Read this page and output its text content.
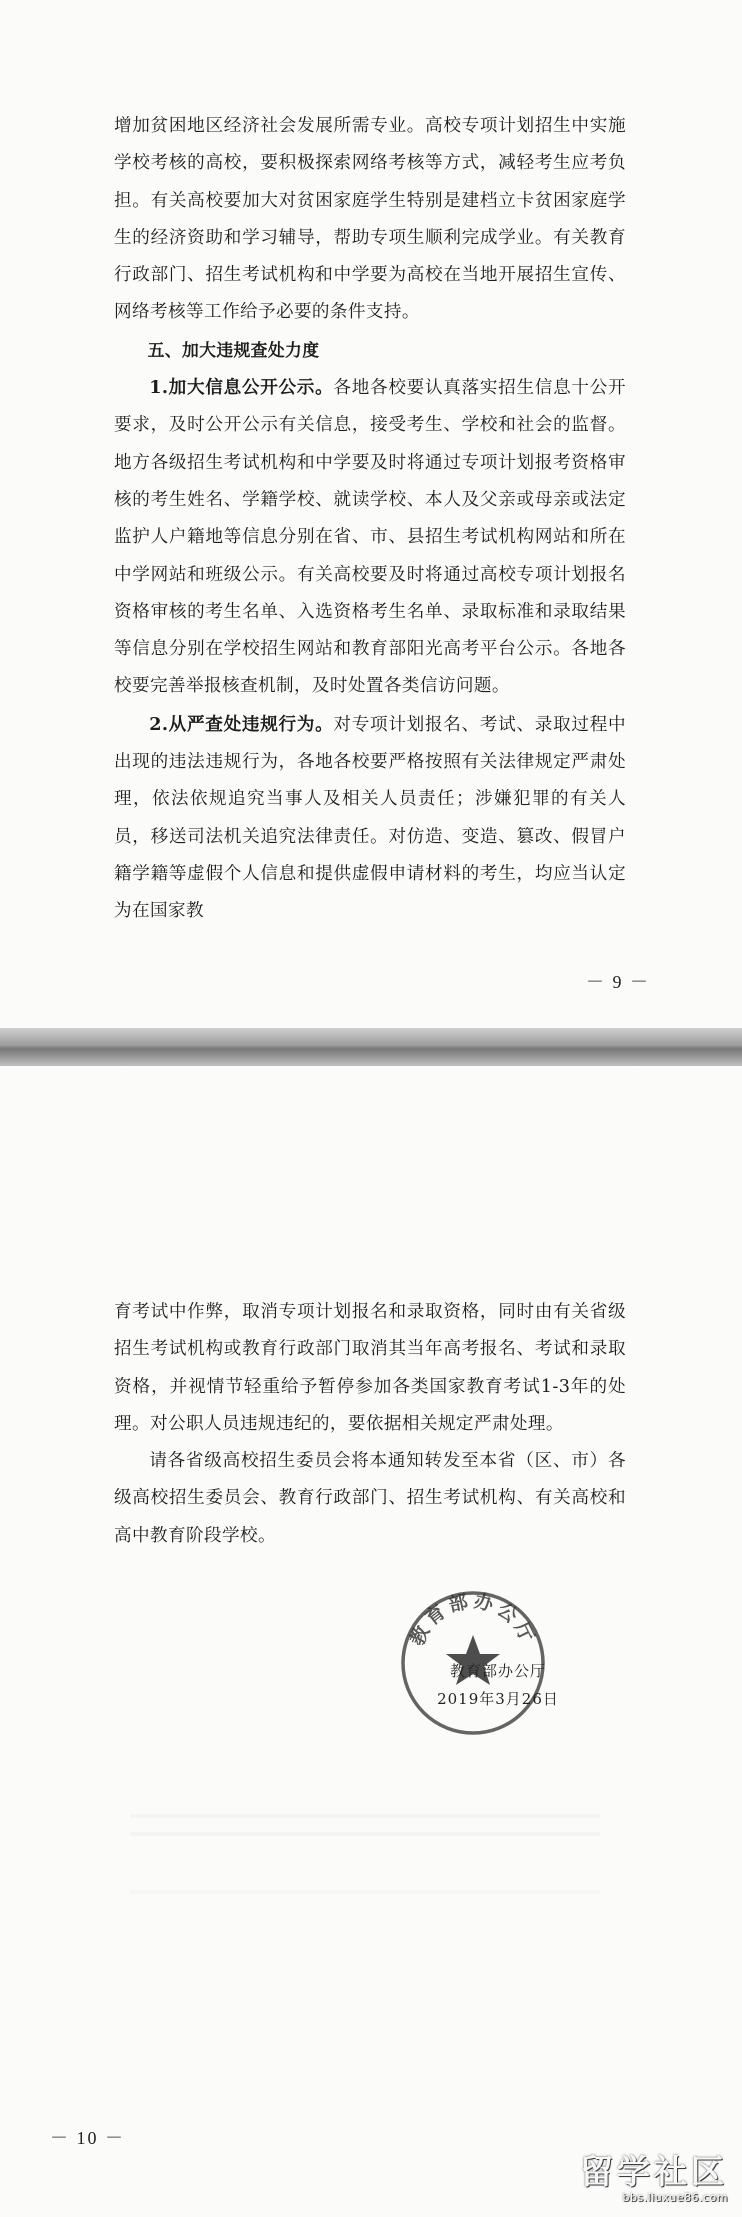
增加贫困地区经济社会发展所需专业。高校专项计划招生中实施学校考核的高校，要积极探索网络考核等方式，减轻考生应考负担。有关高校要加大对贫困家庭学生特别是建档立卡贫困家庭学生的经济资助和学习辅导，帮助专项生顺利完成学业。有关教育行政部门、招生考试机构和中学要为高校在当地开展招生宣传、网络考核等工作给予必要的条件支持。

五、加大违规查处力度

1.加大信息公开公示。各地各校要认真落实招生信息十公开要求，及时公开公示有关信息，接受考生、学校和社会的监督。地方各级招生考试机构和中学要及时将通过专项计划报考资格审核的考生姓名、学籍学校、就读学校、本人及父亲或母亲或法定监护人户籍地等信息分别在省、市、县招生考试机构网站和所在中学网站和班级公示。有关高校要及时将通过高校专项计划报名资格审核的考生名单、入选资格考生名单、录取标准和录取结果等信息分别在学校招生网站和教育部阳光高考平台公示。各地各校要完善举报核查机制，及时处置各类信访问题。

2.从严查处违规行为。对专项计划报名、考试、录取过程中出现的违法违规行为，各地各校要严格按照有关法律规定严肃处理，依法依规追究当事人及相关人员责任；涉嫌犯罪的有关人员，移送司法机关追究法律责任。对仿造、变造、篡改、假冒户籍学籍等虚假个人信息和提供虚假申请材料的考生，均应当认定为在国家教

－ 9 －

育考试中作弊，取消专项计划报名和录取资格，同时由有关省级招生考试机构或教育行政部门取消其当年高考报名、考试和录取资格，并视情节轻重给予暂停参加各类国家教育考试1-3年的处理。对公职人员违规违纪的，要依据相关规定严肃处理。

请各省级高校招生委员会将本通知转发至本省（区、市）各级高校招生委员会、教育行政部门、招生考试机构、有关高校和高中教育阶段学校。

教育部办公厅
教育部办公厅
2019年3月26日
－ 10 －
留学社区
bbs.liuxue86.com
